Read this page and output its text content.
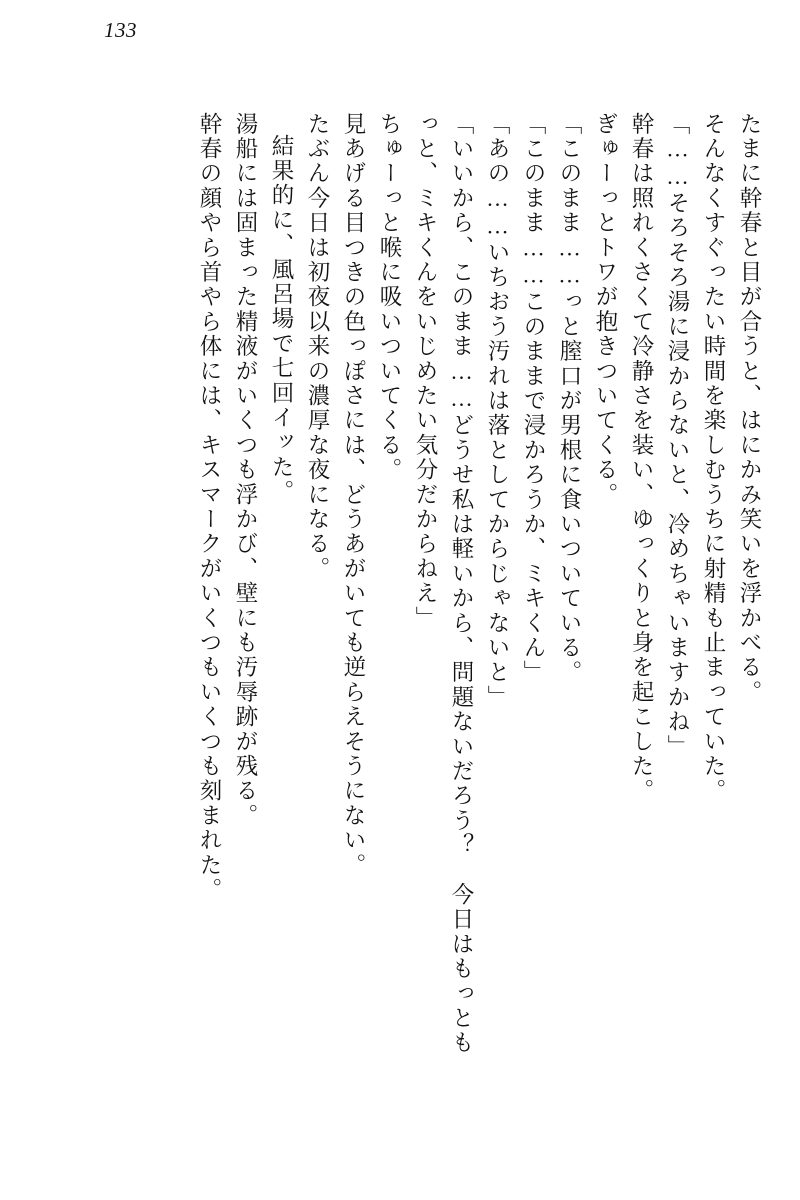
133
たまに幹春と目が合うと、はにかみ笑いを浮かべる。
そんなくすぐったい時間を楽しむうちに射精も止まっていた。
「……そろそろ湯に浸からないと、冷めちゃいますかね」
幹春は照れくさくて冷静さを装い、ゆっくりと身を起こした。
ぎゅーっとトワが抱きついてくる。
「このまま……っと膣口が男根に食いついている。
「このまま……このままで浸かろうか、ミキくん」
「あの……いちおう汚れは落としてからじゃないと」
「いいから、このまま……どうせ私は軽いから、問題ないだろう？　今日はもっとも
っと、ミキくんをいじめたい気分だからねえ」
ちゅーっと喉に吸いついてくる。
見あげる目つきの色っぽさには、どうあがいても逆らえそうにない。
たぶん今日は初夜以来の濃厚な夜になる。
結果的に、風呂場で七回イッた。
湯船には固まった精液がいくつも浮かび、壁にも汚辱跡が残る。
幹春の顔やら首やら体には、キスマークがいくつもいくつも刻まれた。
